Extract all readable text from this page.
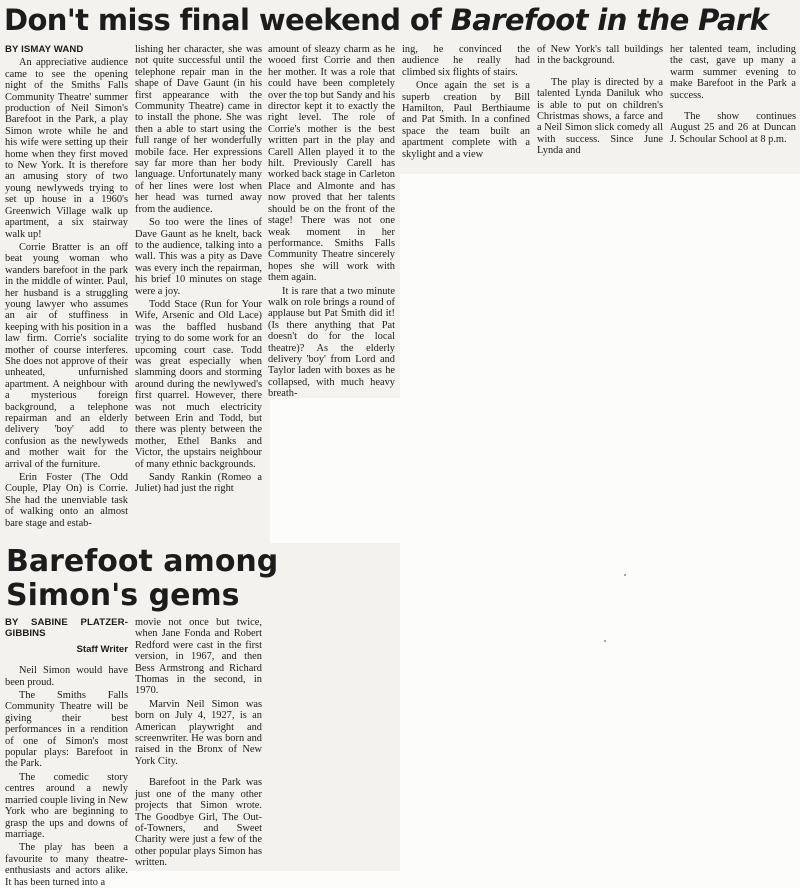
Don't miss final weekend of Barefoot in the Park

BY ISMAY WAND

An appreciative audience came to see the opening night of the Smiths Falls Community Theatre' summer production of Neil Simon's Barefoot in the Park, a play Simon wrote while he and his wife were setting up their home when they first moved to New York. It is therefore an amusing story of two young newlyweds trying to set up house in a 1960's Greenwich Village walk up apartment, a six stairway walk up!

Corrie Bratter is an off beat young woman who wanders barefoot in the park in the middle of winter. Paul, her husband is a struggling young lawyer who assumes an air of stuffiness in keeping with his position in a law firm. Corrie's socialite mother of course interferes. She does not approve of their unheated, unfurnished apartment. A neighbour with a mysterious foreign background, a telephone repairman and an elderly delivery 'boy' add to confusion as the newlyweds and mother wait for the arrival of the furniture.

Erin Foster (The Odd Couple, Play On) is Corrie. She had the unenviable task of walking onto an almost bare stage and estab-

lishing her character, she was not quite successful until the telephone repair man in the shape of Dave Gaunt (in his first appearance with the Community Theatre) came in to install the phone. She was then a able to start using the full range of her wonderfully mobile face. Her expressions say far more than her body language. Unfortunately many of her lines were lost when her head was turned away from the audience.

So too were the lines of Dave Gaunt as he knelt, back to the audience, talking into a wall. This was a pity as Dave was every inch the repairman, his brief 10 minutes on stage were a joy.

Todd Stace (Run for Your Wife, Arsenic and Old Lace) was the baffled husband trying to do some work for an upcoming court case. Todd was great especially when slamming doors and storming around during the newlywed's first quarrel. However, there was not much electricity between Erin and Todd, but there was plenty between the mother, Ethel Banks and Victor, the upstairs neighbour of many ethnic backgrounds.

Sandy Rankin (Romeo a Juliet) had just the right

amount of sleazy charm as he wooed first Corrie and then her mother. It was a role that could have been completely over the top but Sandy and his director kept it to exactly the right level. The role of Corrie's mother is the best written part in the play and Carell Allen played it to the hilt. Previously Carell has worked back stage in Carleton Place and Almonte and has now proved that her talents should be on the front of the stage! There was not one weak moment in her performance. Smiths Falls Community Theatre sincerely hopes she will work with them again.

It is rare that a two minute walk on role brings a round of applause but Pat Smith did it! (Is there anything that Pat doesn't do for the local theatre)? As the elderly delivery 'boy' from Lord and Taylor laden with boxes as he collapsed, with much heavy breath-

ing, he convinced the audience he really had climbed six flights of stairs.

Once again the set is a superb creation by Bill Hamilton, Paul Berthiaume and Pat Smith. In a confined space the team built an apartment complete with a skylight and a view

of New York's tall buildings in the background.

The play is directed by a talented Lynda Daniluk who is able to put on children's Christmas shows, a farce and a Neil Simon slick comedy all with success. Since June Lynda and

her talented team, including the cast, gave up many a warm summer evening to make Barefoot in the Park a success.

The show continues August 25 and 26 at Duncan J. Schoular School at 8 p.m.

Barefoot among
Simon's gems

BY SABINE PLATZER-GIBBINS

Staff Writer

Neil Simon would have been proud.

The Smiths Falls Community Theatre will be giving their best performances in a rendition of one of Simon's most popular plays: Barefoot in the Park.

The comedic story centres around a newly married couple living in New York who are beginning to grasp the ups and downs of marriage.

The play has been a favourite to many theatre-enthusiasts and actors alike. It has been turned into a

movie not once but twice, when Jane Fonda and Robert Redford were cast in the first version, in 1967, and then Bess Armstrong and Richard Thomas in the second, in 1970.

Marvin Neil Simon was born on July 4, 1927, is an American playwright and screenwriter. He was born and raised in the Bronx of New York City.

Barefoot in the Park was just one of the many other projects that Simon wrote. The Goodbye Girl, The Out-of-Towners, and Sweet Charity were just a few of the other popular plays Simon has written.
